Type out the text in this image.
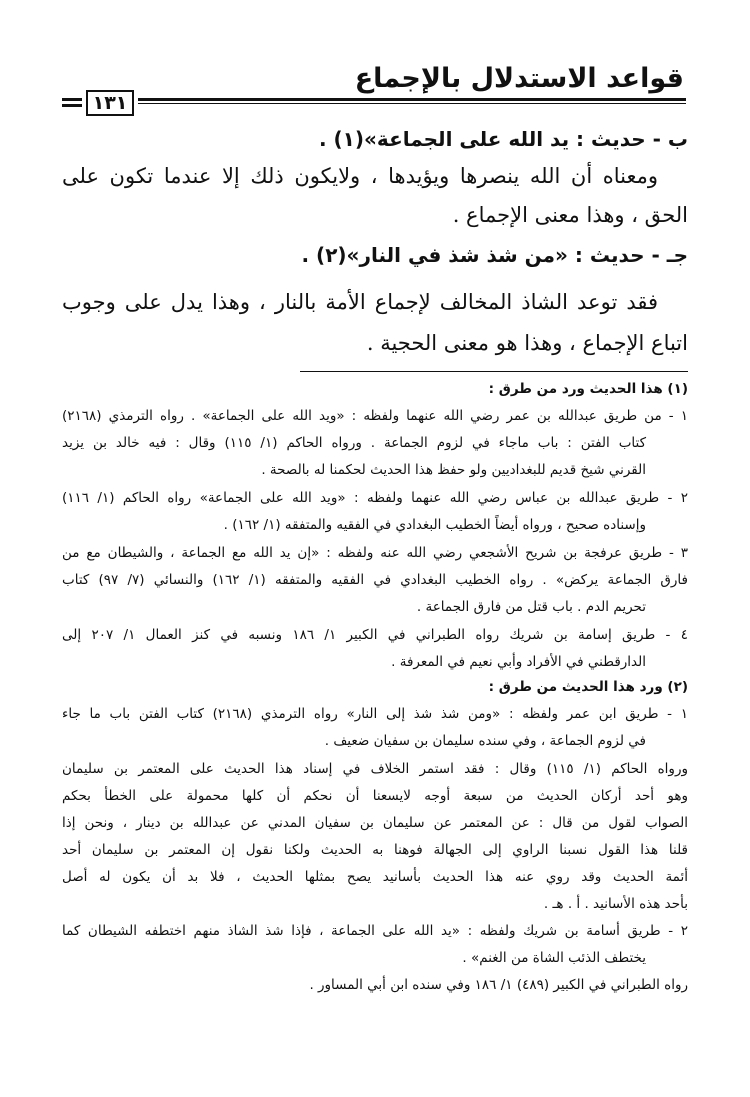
قواعد الاستدلال بالإجماع
١٣١
ب - حديث : يد الله على الجماعة»(١) .
ومعناه أن الله ينصرها ويؤيدها ، ولايكون ذلك إلا عندما تكون على
الحق ، وهذا معنى الإجماع .
جـ - حديث : «من شذ شذ في النار»(٢) .
فقد توعد الشاذ المخالف لإجماع الأمة بالنار ، وهذا يدل على وجوب
اتباع الإجماع ، وهذا هو معنى الحجية .
(١) هذا الحديث ورد من طرق :
١ - من طريق عبدالله بن عمر رضي الله عنهما ولفظه : «ويد الله على الجماعة» . رواه الترمذي (٢١٦٨)
كتاب الفتن : باب ماجاء في لزوم الجماعة . ورواه الحاكم (١/ ١١٥) وقال : فيه خالد بن يزيد
القرني شيخ قديم للبغداديين ولو حفظ هذا الحديث لحكمنا له بالصحة .
٢ - طريق عبدالله بن عباس رضي الله عنهما ولفظه : «ويد الله على الجماعة» رواه الحاكم (١/ ١١٦)
وإسناده صحيح ، ورواه أيضاً الخطيب البغدادي في الفقيه والمتفقه (١/ ١٦٢) .
٣ - طريق عرفجة بن شريح الأشجعي رضي الله عنه ولفظه : «إن يد الله مع الجماعة ، والشيطان مع من
فارق الجماعة يركض» . رواه الخطيب البغدادي في الفقيه والمتفقه (١/ ١٦٢) والنسائي (٧/ ٩٧) كتاب
تحريم الدم . باب قتل من فارق الجماعة .
٤ - طريق إسامة بن شريك رواه الطبراني في الكبير ١/ ١٨٦ ونسبه في كنز العمال ١/ ٢٠٧ إلى
الدارقطني في الأفراد وأبي نعيم في المعرفة .
(٢) ورد هذا الحديث من طرق :
١ - طريق ابن عمر ولفظه : «ومن شذ شذ إلى النار» رواه الترمذي (٢١٦٨) كتاب الفتن باب ما جاء
في لزوم الجماعة ، وفي سنده سليمان بن سفيان ضعيف .
ورواه الحاكم (١/ ١١٥) وقال : فقد استمر الخلاف في إسناد هذا الحديث على المعتمر بن سليمان
وهو أحد أركان الحديث من سبعة أوجه لايسعنا أن نحكم أن كلها محمولة على الخطأ بحكم
الصواب لقول من قال : عن المعتمر عن سليمان بن سفيان المدني عن عبدالله بن دينار ، ونحن إذا
قلنا هذا القول نسبنا الراوي إلى الجهالة فوهنا به الحديث ولكنا نقول إن المعتمر بن سليمان أحد
أئمة الحديث وقد روي عنه هذا الحديث بأسانيد يصح بمثلها الحديث ، فلا بد أن يكون له أصل
بأحد هذه الأسانيد . أ . هـ .
٢ - طريق أسامة بن شريك ولفظه : «يد الله على الجماعة ، فإذا شذ الشاذ منهم اختطفه الشيطان كما
يختطف الذئب الشاة من الغنم» .
رواه الطبراني في الكبير (٤٨٩) ١/ ١٨٦ وفي سنده ابن أبي المساور .
